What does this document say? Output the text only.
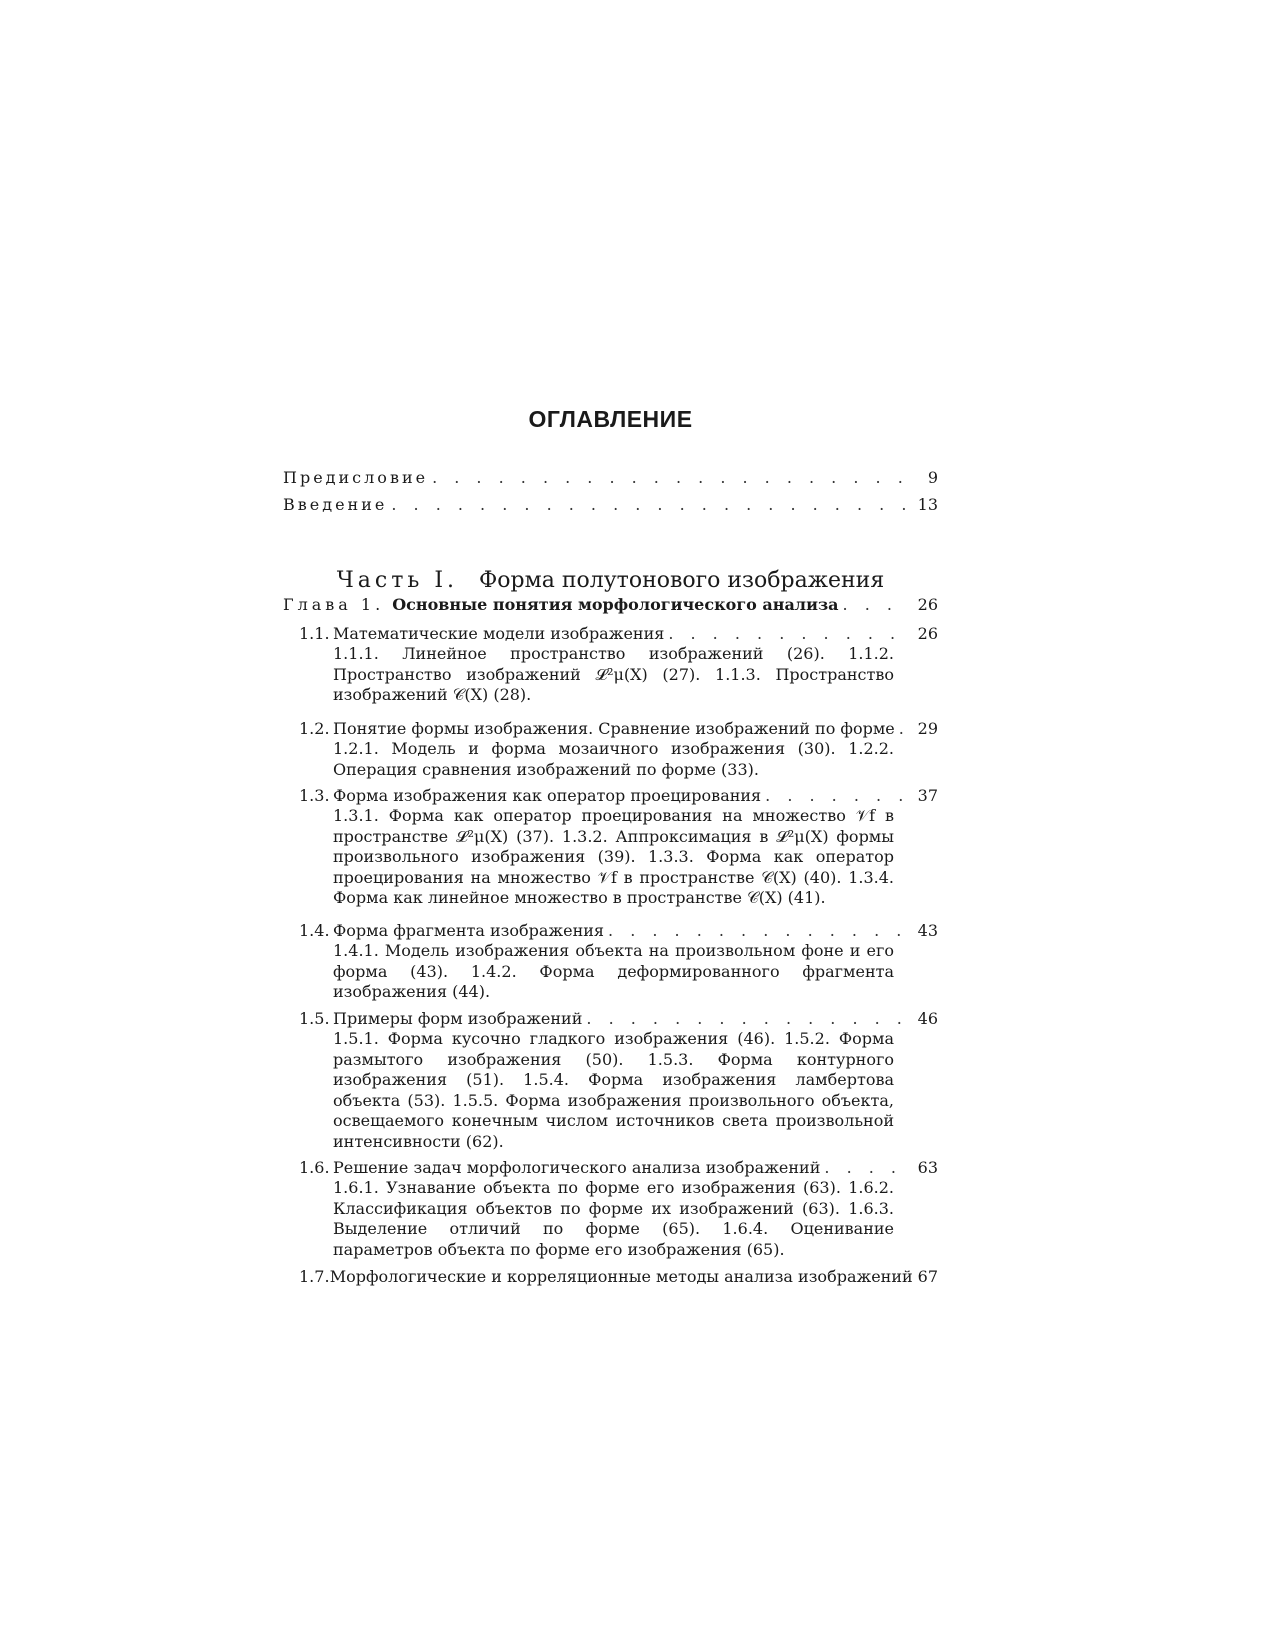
ОГЛАВЛЕНИЕ
Предисловие . . .	9
Введение . . .	13
Часть I. Форма полутонового изображения
Глава 1. Основные понятия морфологического анализа . . .	26
1.1. Математические модели изображения . . .	26
1.1.1. Линейное пространство изображений (26). 1.1.2. Пространство изображений 𝓛²μ(X) (27). 1.1.3. Пространство изображений 𝒞(X) (28).
1.2. Понятие формы изображения. Сравнение изображений по форме . . .	29
1.2.1. Модель и форма мозаичного изображения (30). 1.2.2. Операция сравнения изображений по форме (33).
1.3. Форма изображения как оператор проецирования . . .	37
1.3.1. Форма как оператор проецирования на множество 𝒱f в пространстве 𝓛²μ(X) (37). 1.3.2. Аппроксимация в 𝓛²μ(X) формы произвольного изображения (39). 1.3.3. Форма как оператор проецирования на множество 𝒱f в пространстве 𝒞(X) (40). 1.3.4. Форма как линейное множество в пространстве 𝒞(X) (41).
1.4. Форма фрагмента изображения . . .	43
1.4.1. Модель изображения объекта на произвольном фоне и его форма (43). 1.4.2. Форма деформированного фрагмента изображения (44).
1.5. Примеры форм изображений . . .	46
1.5.1. Форма кусочно гладкого изображения (46). 1.5.2. Форма размытого изображения (50). 1.5.3. Форма контурного изображения (51). 1.5.4. Форма изображения ламбертова объекта (53). 1.5.5. Форма изображения произвольного объекта, освещаемого конечным числом источников света произвольной интенсивности (62).
1.6. Решение задач морфологического анализа изображений . . .	63
1.6.1. Узнавание объекта по форме его изображения (63). 1.6.2. Классификация объектов по форме их изображений (63). 1.6.3. Выделение отличий по форме (65). 1.6.4. Оценивание параметров объекта по форме его изображения (65).
1.7. Морфологические и корреляционные методы анализа изображений 67
